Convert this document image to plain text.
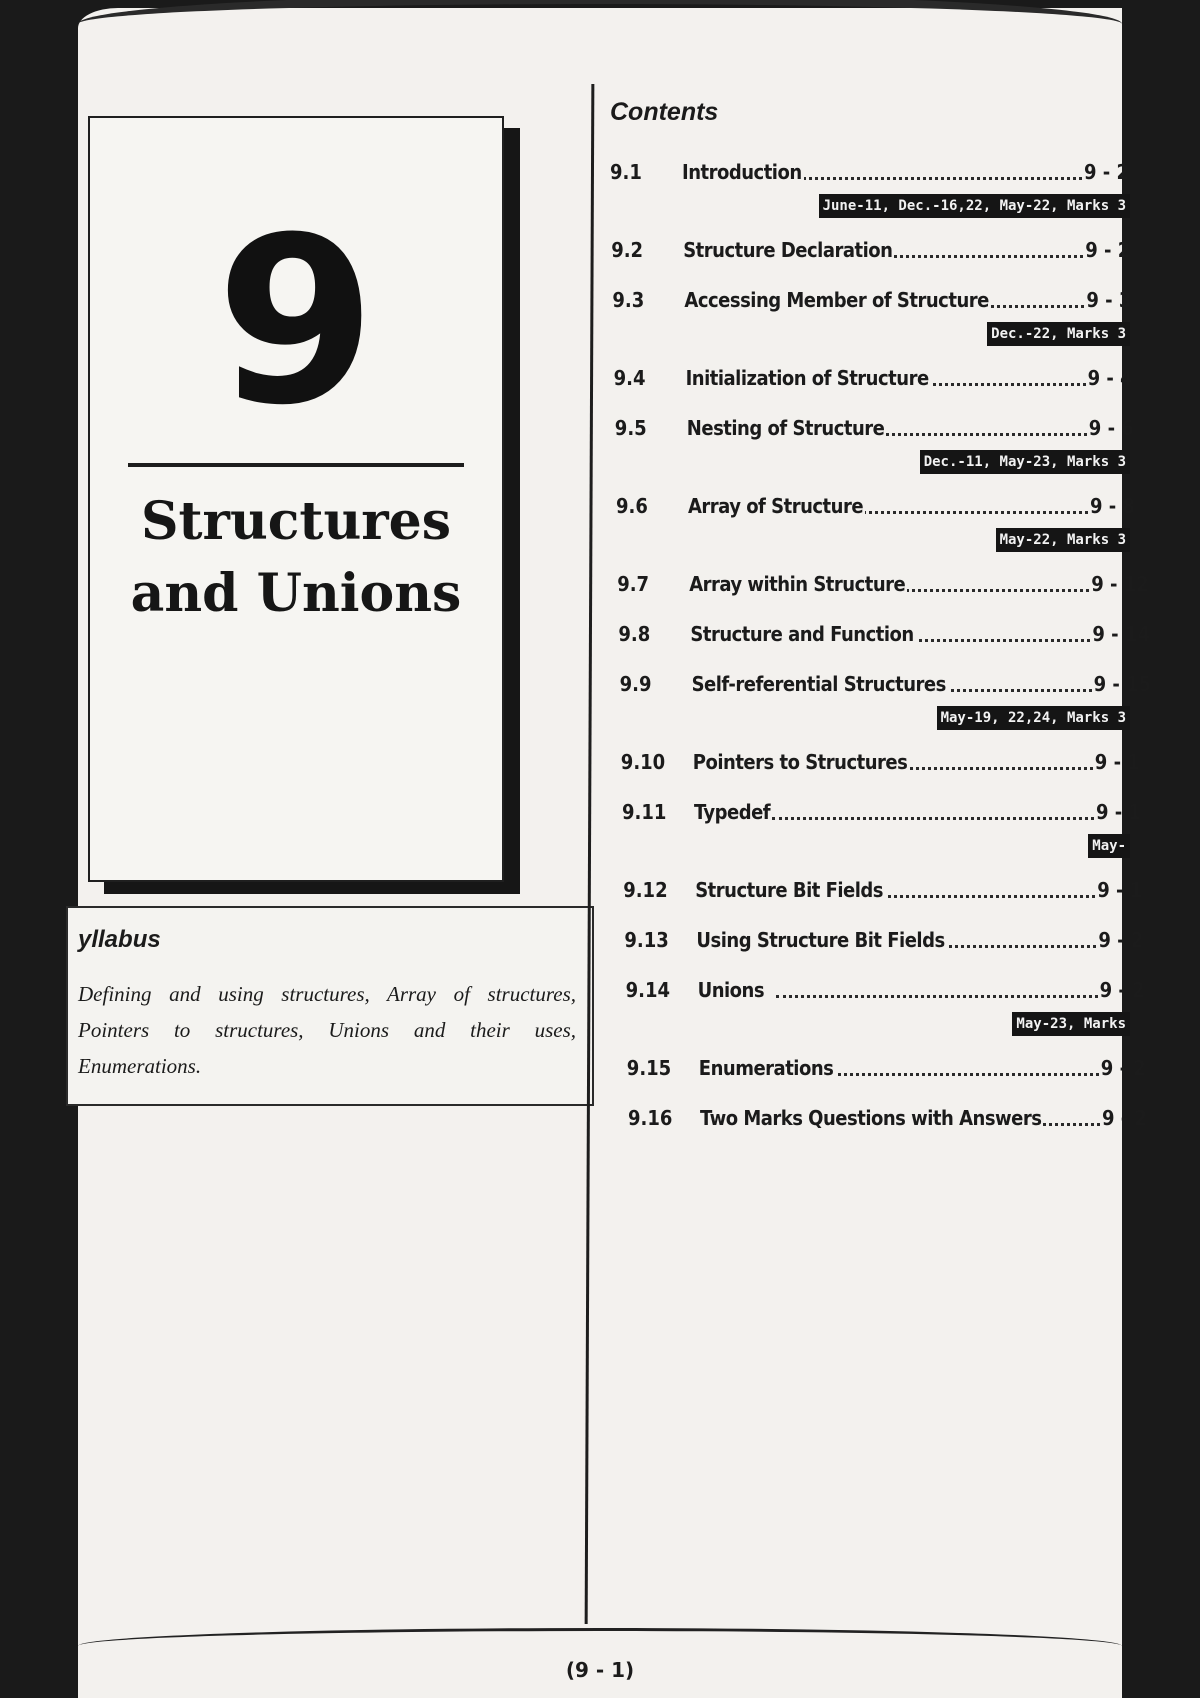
9
Structures
and Unions
yllabus
Defining and using structures, Array of structures, Pointers to structures, Unions and their uses, Enumerations.
Contents
9.1	Introduction	9 - 2
June-11, Dec.-16,22, May-22, Marks 3
9.2	Structure Declaration	9 - 2
9.3	Accessing Member of Structure	9 - 3
Dec.-22, Marks 3
9.4	Initialization of Structure	9 - 4
9.5	Nesting of Structure	9 - 6
Dec.-11, May-23, Marks 3
9.6	Array of Structure	9 - 8
May-22, Marks 3
9.7	Array within Structure	9 - 12
9.8	Structure and Function	9 - 14
9.9	Self-referential Structures	9 - 15
May-19, 22,24, Marks 3
9.10	Pointers to Structures	9 - 1
9.11	Typedef	9 - 1
May-
9.12	Structure Bit Fields	9 - 1
9.13	Using Structure Bit Fields	9 - 2
9.14	Unions	9 - 2
May-23, Marks
9.15	Enumerations	9 - 2
9.16	Two Marks Questions with Answers	9 - 2
(9 - 1)
